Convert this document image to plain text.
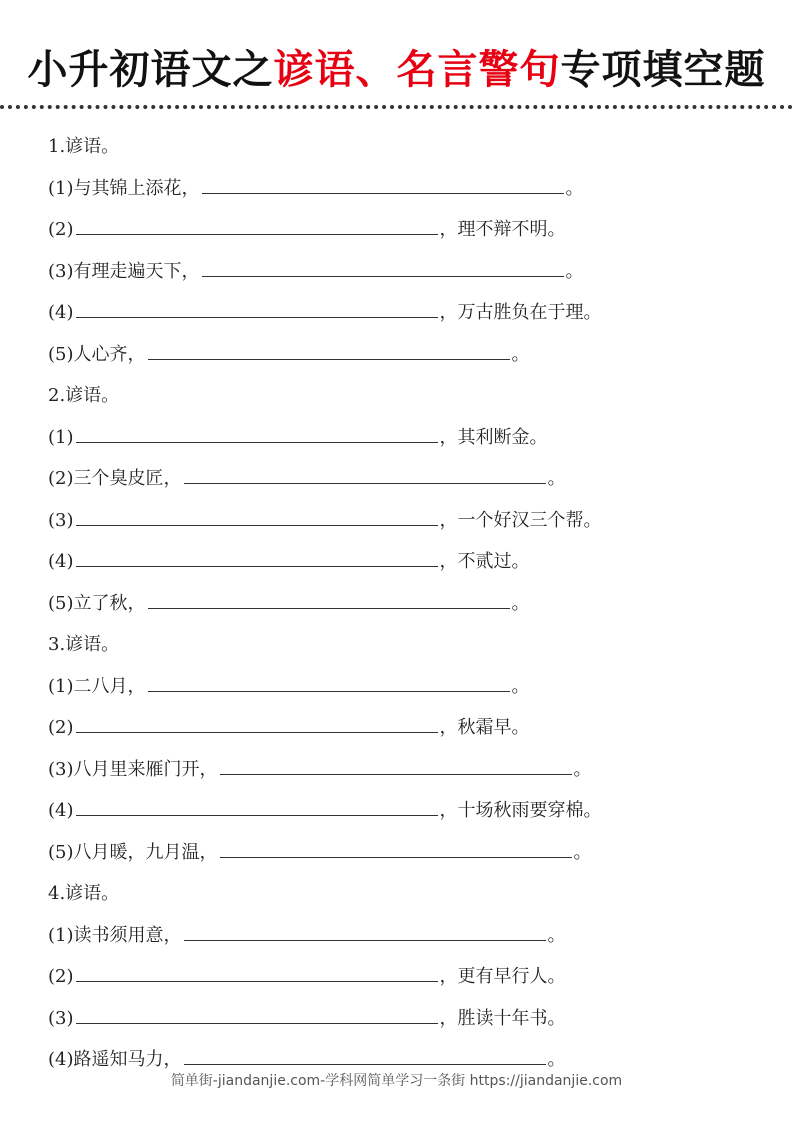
小升初语文之谚语、名言警句专项填空题
1.谚语。
(1) 与其锦上添花，	。
(2)	，理不辩不明。
(3) 有理走遍天下，	。
(4)	，万古胜负在于理。
(5) 人心齐，	。
2.谚语。
(1)	，其利断金。
(2) 三个臭皮匠，	。
(3)	，一个好汉三个帮。
(4)	，不贰过。
(5) 立了秋，	。
3.谚语。
(1) 二八月，	。
(2)	，秋霜早。
(3) 八月里来雁门开，	。
(4)	，十场秋雨要穿棉。
(5) 八月暖，九月温，	。
4.谚语。
(1) 读书须用意，	。
(2)	，更有早行人。
(3)	，胜读十年书。
(4) 路遥知马力，	。
简单街-jiandanjie.com-学科网简单学习一条街 https://jiandanjie.com
